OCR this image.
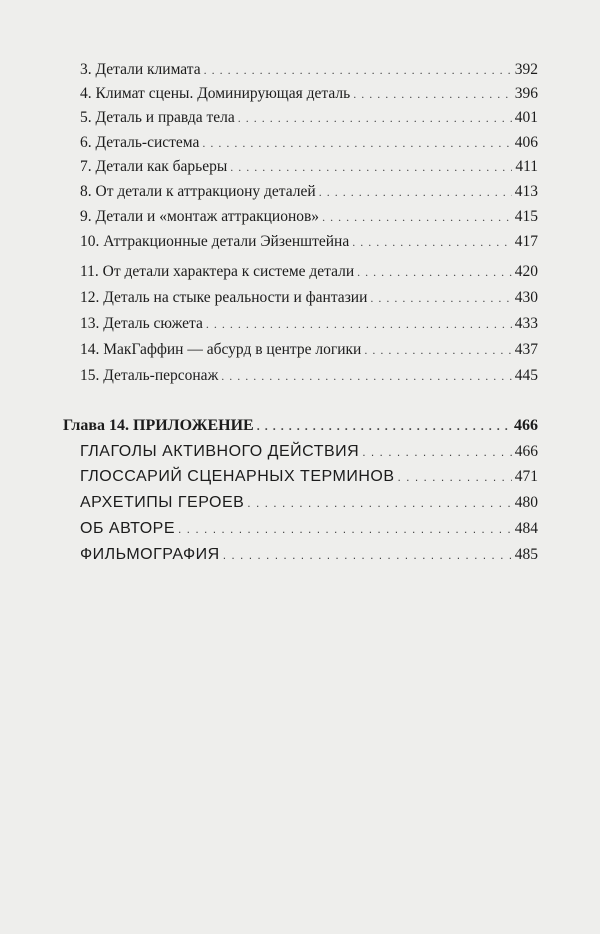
3. Детали климата . . .	392
4. Климат сцены. Доминирующая деталь . . .	396
5. Деталь и правда тела . . .	401
6. Деталь-система . . .	406
7. Детали как барьеры . . .	411
8. От детали к аттракциону деталей . . .	413
9. Детали и «монтаж аттракционов» . . .	415
10. Аттракционные детали Эйзенштейна . . .	417
11. От детали характера к системе детали . . .	420
12. Деталь на стыке реальности и фантазии . . .	430
13. Деталь сюжета . . .	433
14. МакГаффин — абсурд в центре логики . . .	437
15. Деталь-персонаж . . .	445
Глава 14. ПРИЛОЖЕНИЕ . . .	466
ГЛАГОЛЫ АКТИВНОГО ДЕЙСТВИЯ . . .	466
ГЛОССАРИЙ СЦЕНАРНЫХ ТЕРМИНОВ . . .	471
АРХЕТИПЫ ГЕРОЕВ . . .	480
ОБ АВТОРЕ . . .	484
ФИЛЬМОГРАФИЯ . . .	485
